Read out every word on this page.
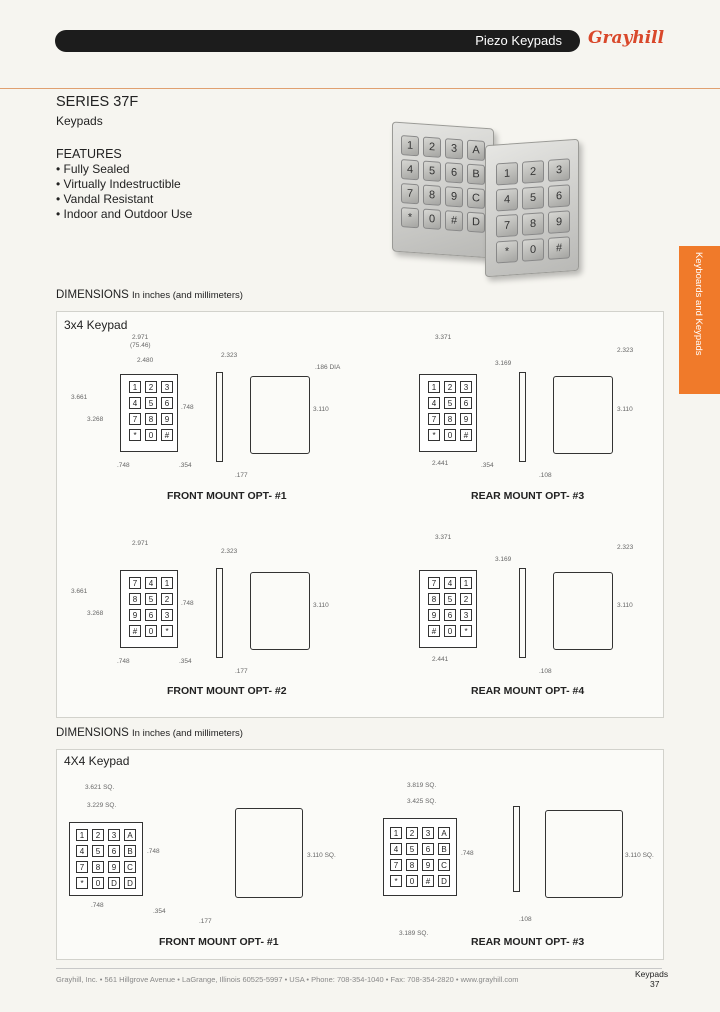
Piezo Keypads Grayhill
SERIES 37F
Keypads
FEATURES
• Fully Sealed
• Virtually Indestructible
• Vandal Resistant
• Indoor and Outdoor Use
1	2	3	A
4	5	6	B
7	8	9	C
*	0	#	D
1	2	3
4	5	6
7	8	9
*	0	#
Keyboards and Keypads
DIMENSIONS In inches (and millimeters)
3x4 Keypad
1	2	3
4	5	6
7	8	9
*	0	#
2.971
(75.46)
2.480
3.661
3.268
.748
.748	.354
2.323
.177
.186 DIA
3.110
FRONT MOUNT OPT- #1
1	2	3
4	5	6
7	8	9
*	0	#
3.371
3.169
2.441	.354
.108
2.323
3.110
REAR MOUNT OPT- #3
7	4	1
8	5	2
9	6	3
#	0	*
2.971
3.661
3.268
.748
.748	.354
2.323
.177
3.110
FRONT MOUNT OPT- #2
7	4	1
8	5	2
9	6	3
#	0	*
3.371
3.169
2.441
.108
2.323
3.110
REAR MOUNT OPT- #4
DIMENSIONS In inches (and millimeters)
4X4 Keypad
1	2	3	A
4	5	6	B
7	8	9	C
*	0	D	D
3.621 SQ.
3.229 SQ.
.748
.748
.354
.177
3.110 SQ.
FRONT MOUNT OPT- #1
1	2	3	A
4	5	6	B
7	8	9	C
*	0	#	D
3.819 SQ.
3.425 SQ.
.748
3.189 SQ.
.108
3.110 SQ.
REAR MOUNT OPT- #3
Grayhill, Inc. • 561 Hillgrove Avenue • LaGrange, Illinois 60525-5997 • USA • Phone: 708-354-1040 • Fax: 708-354-2820 • www.grayhill.com
Keypads
37
